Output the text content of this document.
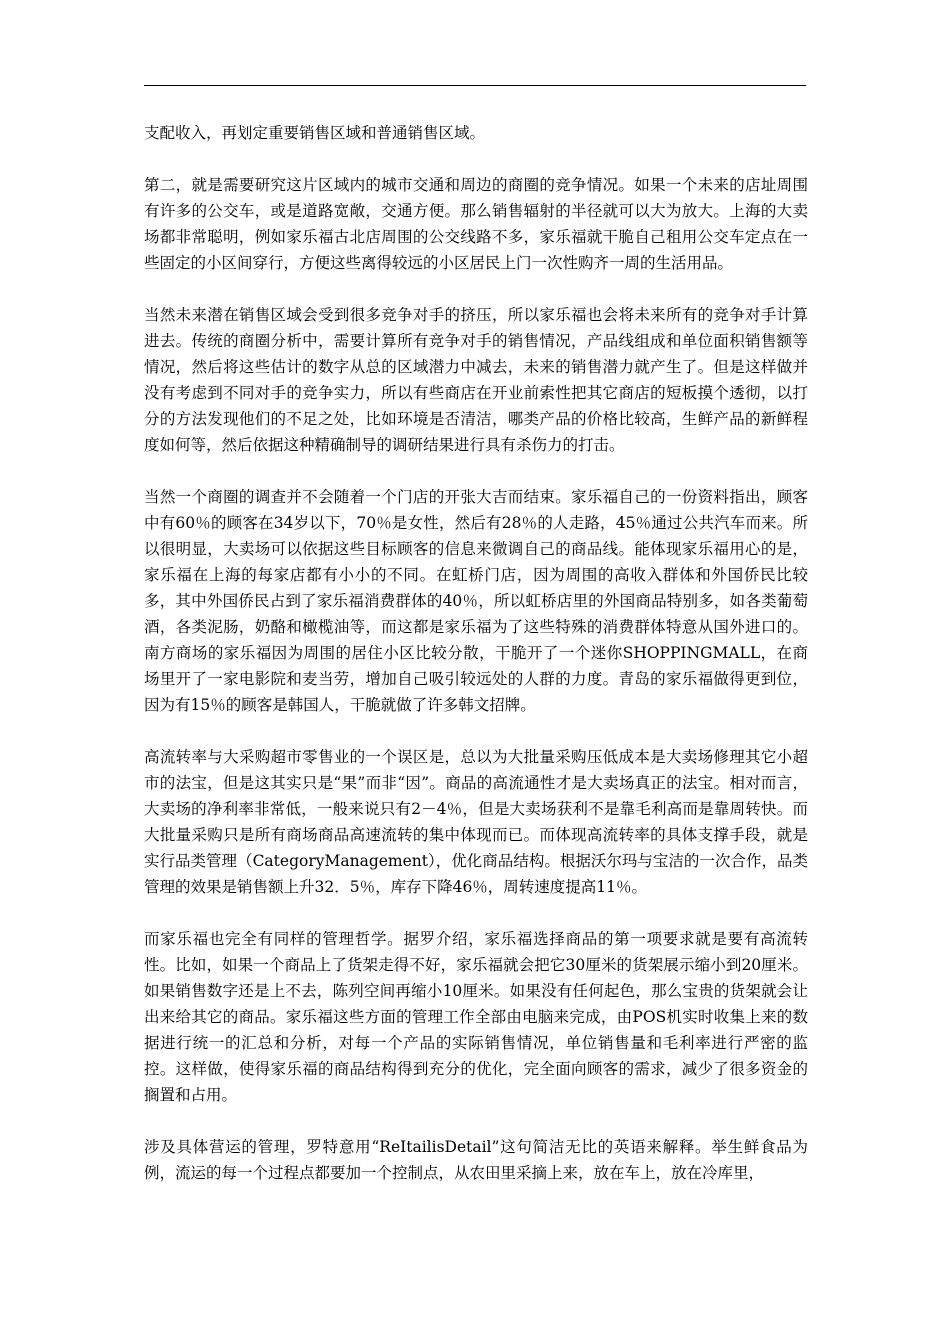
支配收入，再划定重要销售区域和普通销售区域。

第二，就是需要研究这片区域内的城市交通和周边的商圈的竞争情况。如果一个未来的店址周围有许多的公交车，或是道路宽敞，交通方便。那么销售辐射的半径就可以大为放大。上海的大卖场都非常聪明，例如家乐福古北店周围的公交线路不多，家乐福就干脆自己租用公交车定点在一些固定的小区间穿行，方便这些离得较远的小区居民上门一次性购齐一周的生活用品。

当然未来潜在销售区域会受到很多竞争对手的挤压，所以家乐福也会将未来所有的竞争对手计算进去。传统的商圈分析中，需要计算所有竞争对手的销售情况，产品线组成和单位面积销售额等情况，然后将这些估计的数字从总的区域潜力中减去，未来的销售潜力就产生了。但是这样做并没有考虑到不同对手的竞争实力，所以有些商店在开业前索性把其它商店的短板摸个透彻，以打分的方法发现他们的不足之处，比如环境是否清洁，哪类产品的价格比较高，生鲜产品的新鲜程度如何等，然后依据这种精确制导的调研结果进行具有杀伤力的打击。

当然一个商圈的调查并不会随着一个门店的开张大吉而结束。家乐福自己的一份资料指出，顾客中有60％的顾客在34岁以下，70％是女性，然后有28％的人走路，45％通过公共汽车而来。所以很明显，大卖场可以依据这些目标顾客的信息来微调自己的商品线。能体现家乐福用心的是，家乐福在上海的每家店都有小小的不同。在虹桥门店，因为周围的高收入群体和外国侨民比较多，其中外国侨民占到了家乐福消费群体的40％，所以虹桥店里的外国商品特别多，如各类葡萄酒，各类泥肠，奶酪和橄榄油等，而这都是家乐福为了这些特殊的消费群体特意从国外进口的。南方商场的家乐福因为周围的居住小区比较分散，干脆开了一个迷你SHOPPINGMALL，在商场里开了一家电影院和麦当劳，增加自己吸引较远处的人群的力度。青岛的家乐福做得更到位，因为有15％的顾客是韩国人，干脆就做了许多韩文招牌。

高流转率与大采购超市零售业的一个误区是，总以为大批量采购压低成本是大卖场修理其它小超市的法宝，但是这其实只是“果”而非“因”。商品的高流通性才是大卖场真正的法宝。相对而言，大卖场的净利率非常低，一般来说只有2－4％，但是大卖场获利不是靠毛利高而是靠周转快。而大批量采购只是所有商场商品高速流转的集中体现而已。而体现高流转率的具体支撑手段，就是实行品类管理（CategoryManagement），优化商品结构。根据沃尔玛与宝洁的一次合作，品类管理的效果是销售额上升32．5％，库存下降46％，周转速度提高11％。

而家乐福也完全有同样的管理哲学。据罗介绍，家乐福选择商品的第一项要求就是要有高流转性。比如，如果一个商品上了货架走得不好，家乐福就会把它30厘米的货架展示缩小到20厘米。如果销售数字还是上不去，陈列空间再缩小10厘米。如果没有任何起色，那么宝贵的货架就会让出来给其它的商品。家乐福这些方面的管理工作全部由电脑来完成，由POS机实时收集上来的数据进行统一的汇总和分析，对每一个产品的实际销售情况，单位销售量和毛利率进行严密的监控。这样做，使得家乐福的商品结构得到充分的优化，完全面向顾客的需求，减少了很多资金的搁置和占用。

涉及具体营运的管理，罗特意用“ReItailisDetail”这句简洁无比的英语来解释。举生鲜食品为例，流运的每一个过程点都要加一个控制点，从农田里采摘上来，放在车上，放在冷库里，
